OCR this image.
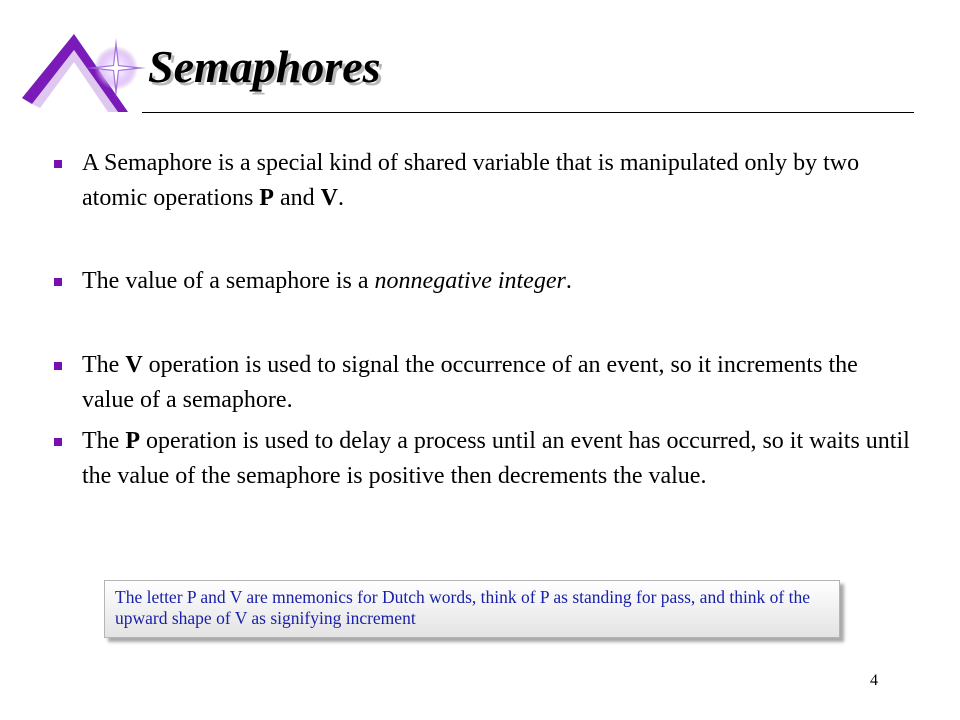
Semaphores
A Semaphore is a special kind of shared variable that is manipulated only by two atomic operations P and V.
The value of a semaphore is a nonnegative integer.
The V operation is used to signal the occurrence of an event, so it increments the value of a semaphore.
The P operation is used to delay a process until an event has occurred, so it waits until the value of the semaphore is positive then decrements the value.
The letter P and V are mnemonics for Dutch words, think of P as standing for pass, and think of the upward shape of V as signifying increment
4
